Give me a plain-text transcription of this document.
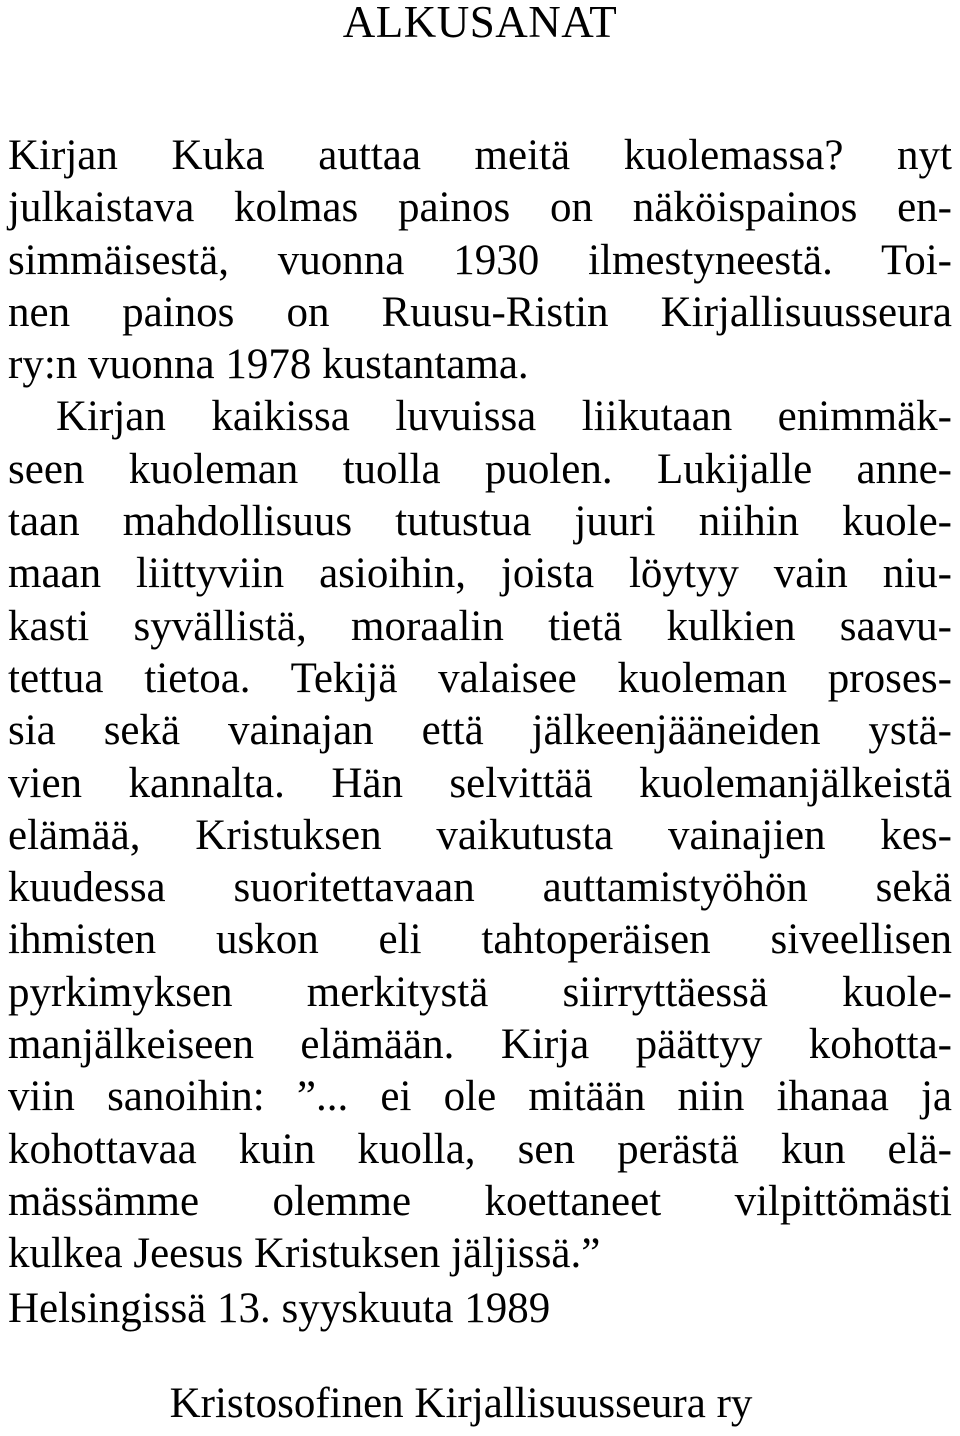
ALKUSANAT
Kirjan Kuka auttaa meitä kuolemassa? nyt
julkaistava kolmas painos on näköispainos en-
simmäisestä, vuonna 1930 ilmestyneestä. Toi-
nen painos on Ruusu-Ristin Kirjallisuusseura
ry:n vuonna 1978 kustantama.
Kirjan kaikissa luvuissa liikutaan enimmäk-
seen kuoleman tuolla puolen. Lukijalle anne-
taan mahdollisuus tutustua juuri niihin kuole-
maan liittyviin asioihin, joista löytyy vain niu-
kasti syvällistä, moraalin tietä kulkien saavu-
tettua tietoa. Tekijä valaisee kuoleman proses-
sia sekä vainajan että jälkeenjääneiden ystä-
vien kannalta. Hän selvittää kuolemanjälkeistä
elämää, Kristuksen vaikutusta vainajien kes-
kuudessa suoritettavaan auttamistyöhön sekä
ihmisten uskon eli tahtoperäisen siveellisen
pyrkimyksen merkitystä siirryttäessä kuole-
manjälkeiseen elämään. Kirja päättyy kohotta-
viin sanoihin: ”... ei ole mitään niin ihanaa ja
kohottavaa kuin kuolla, sen perästä kun elä-
mässämme olemme koettaneet vilpittömästi
kulkea Jeesus Kristuksen jäljissä.”
Helsingissä 13. syyskuuta 1989
Kristosofinen Kirjallisuusseura ry
